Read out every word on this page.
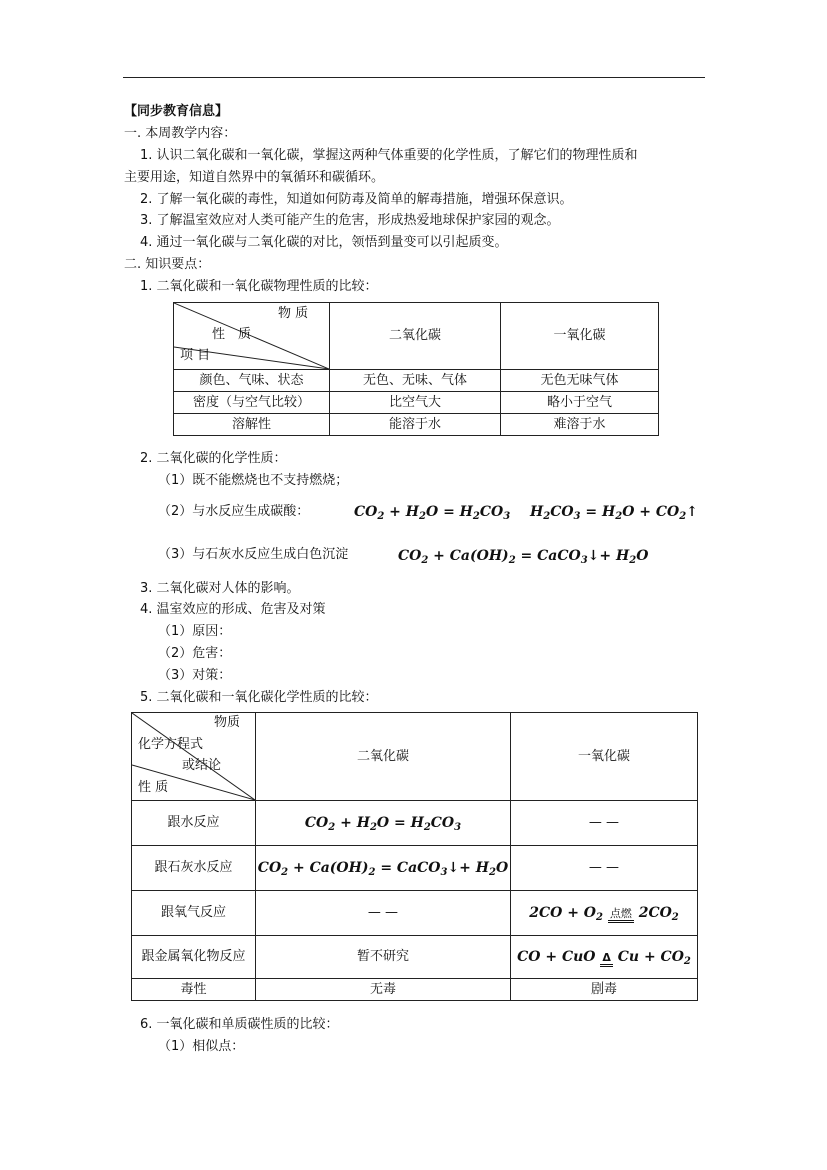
【同步教育信息】
一. 本周教学内容：
1. 认识二氧化碳和一氧化碳，掌握这两种气体重要的化学性质，了解它们的物理性质和
主要用途，知道自然界中的氧循环和碳循环。
2. 了解一氧化碳的毒性，知道如何防毒及简单的解毒措施，增强环保意识。
3. 了解温室效应对人类可能产生的危害，形成热爱地球保护家园的观念。
4. 通过一氧化碳与二氧化碳的对比，领悟到量变可以引起质变。
二. 知识要点：
1. 二氧化碳和一氧化碳物理性质的比较：
物 质
性　质
项 目	二氧化碳	一氧化碳
颜色、气味、状态	无色、无味、气体	无色无味气体
密度（与空气比较）	比空气大	略小于空气
溶解性	能溶于水	难溶于水
2. 二氧化碳的化学性质：
（1）既不能燃烧也不支持燃烧；
（2）与水反应生成碳酸：	$CO_2 + H_2O = H_2CO_3$ $H_2CO_3 = H_2O$ + $CO_2↑$
（3）与石灰水反应生成白色沉淀	$CO_2 + Ca(OH)_2$ = CaCO$_3$↓+ $H_2O$
3. 二氧化碳对人体的影响。
4. 温室效应的形成、危害及对策
（1）原因：
（2）危害：
（3）对策：
5. 二氧化碳和一氧化碳化学性质的比较：
物质
化学方程式
或结论
性 质	二氧化碳	一氧化碳
跟水反应	$CO_2 + H_2O = H_2CO_3$	— —
跟石灰水反应	$CO_2 + Ca(OH)_2$ = CaCO$_3$↓+ $H_2O$	— —
跟氧气反应	— —	$2CO + O_2$ 点燃 $2CO_2$
跟金属氧化物反应	暂不研究	CO + CuO Δ $Cu + CO_2$
毒性	无毒	剧毒
6. 一氧化碳和单质碳性质的比较：
（1）相似点：
